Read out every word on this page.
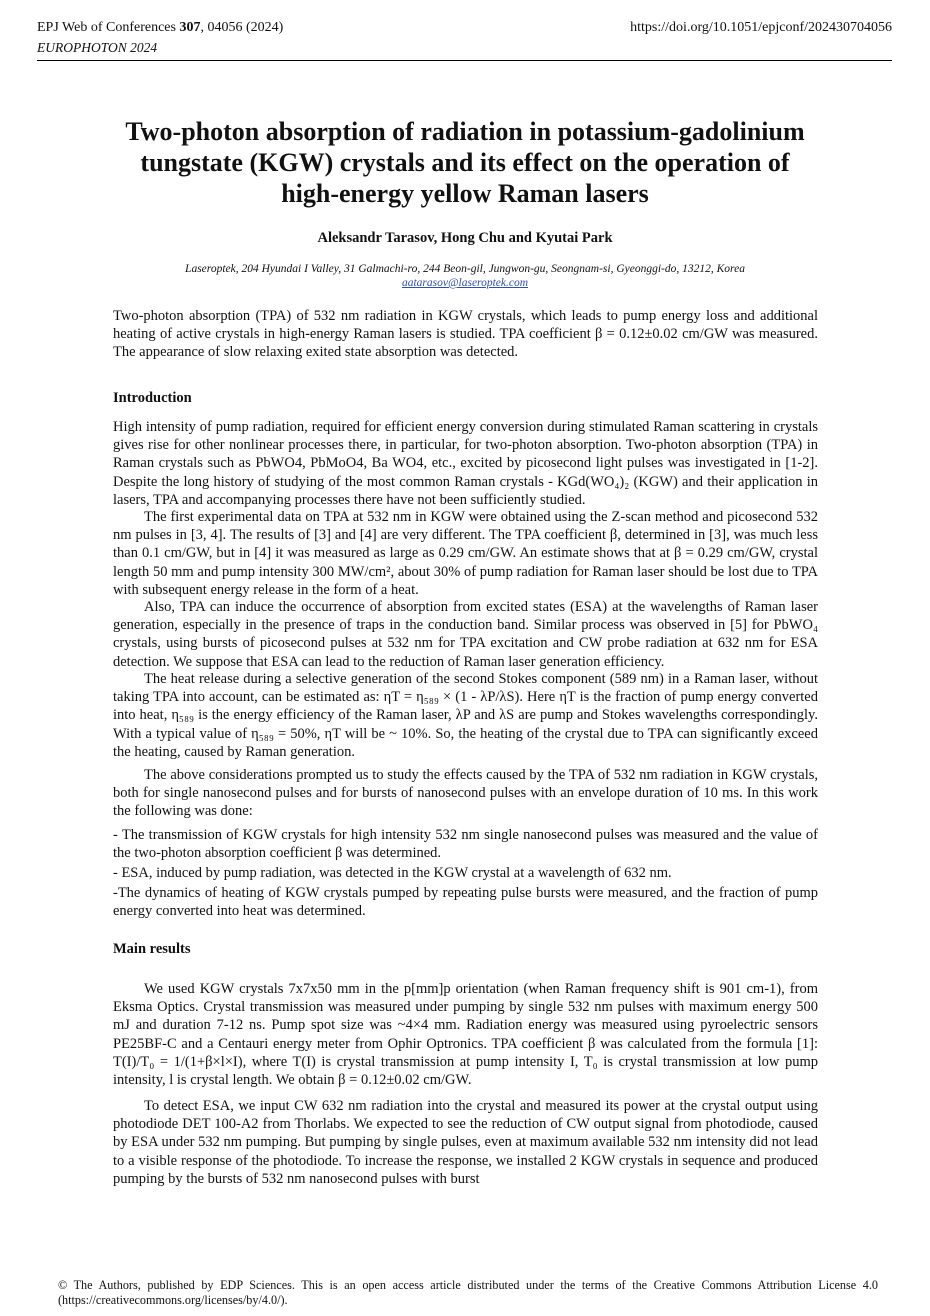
EPJ Web of Conferences 307, 04056 (2024)
EUROPHOTON 2024
https://doi.org/10.1051/epjconf/202430704056
Two-photon absorption of radiation in potassium-gadolinium tungstate (KGW) crystals and its effect on the operation of high-energy yellow Raman lasers
Aleksandr Tarasov, Hong Chu and Kyutai Park
Laseroptek, 204 Hyundai I Valley, 31 Galmachi-ro, 244 Beon-gil, Jungwon-gu, Seongnam-si, Gyeonggi-do, 13212, Korea
aatarasov@laseroptek.com

Two-photon absorption (TPA) of 532 nm radiation in KGW crystals, which leads to pump energy loss and additional heating of active crystals in high-energy Raman lasers is studied. TPA coefficient β = 0.12±0.02 cm/GW was measured. The appearance of slow relaxing exited state absorption was detected.

Introduction

High intensity of pump radiation, required for efficient energy conversion during stimulated Raman scattering in crystals gives rise for other nonlinear processes there, in particular, for two-photon absorption. Two-photon absorption (TPA) in Raman crystals such as PbWO4, PbMoO4, Ba WO4, etc., excited by picosecond light pulses was investigated in [1-2]. Despite the long history of studying of the most common Raman crystals - KGd(WO₄)₂ (KGW) and their application in lasers, TPA and accompanying processes there have not been sufficiently studied.

The first experimental data on TPA at 532 nm in KGW were obtained using the Z-scan method and picosecond 532 nm pulses in [3, 4]. The results of [3] and [4] are very different. The TPA coefficient β, determined in [3], was much less than 0.1 cm/GW, but in [4] it was measured as large as 0.29 cm/GW. An estimate shows that at β = 0.29 cm/GW, crystal length 50 mm and pump intensity 300 MW/cm², about 30% of pump radiation for Raman laser should be lost due to TPA with subsequent energy release in the form of a heat.

Also, TPA can induce the occurrence of absorption from excited states (ESA) at the wavelengths of Raman laser generation, especially in the presence of traps in the conduction band. Similar process was observed in [5] for PbWO₄ crystals, using bursts of picosecond pulses at 532 nm for TPA excitation and CW probe radiation at 632 nm for ESA detection. We suppose that ESA can lead to the reduction of Raman laser generation efficiency.

The heat release during a selective generation of the second Stokes component (589 nm) in a Raman laser, without taking TPA into account, can be estimated as: ηT = η₅₈₉ × (1 - λP/λS). Here ηT is the fraction of pump energy converted into heat, η₅₈₉ is the energy efficiency of the Raman laser, λP and λS are pump and Stokes wavelengths correspondingly. With a typical value of η₅₈₉ = 50%, ηT will be ~ 10%. So, the heating of the crystal due to TPA can significantly exceed the heating, caused by Raman generation.

The above considerations prompted us to study the effects caused by the TPA of 532 nm radiation in KGW crystals, both for single nanosecond pulses and for bursts of nanosecond pulses with an envelope duration of 10 ms. In this work the following was done:

- The transmission of KGW crystals for high intensity 532 nm single nanosecond pulses was measured and the value of the two-photon absorption coefficient β was determined.

- ESA, induced by pump radiation, was detected in the KGW crystal at a wavelength of 632 nm.

-The dynamics of heating of KGW crystals pumped by repeating pulse bursts were measured, and the fraction of pump energy converted into heat was determined.

Main results

We used KGW crystals 7x7x50 mm in the p[mm]p orientation (when Raman frequency shift is 901 cm-1), from Eksma Optics. Crystal transmission was measured under pumping by single 532 nm pulses with maximum energy 500 mJ and duration 7-12 ns. Pump spot size was ~4×4 mm. Radiation energy was measured using pyroelectric sensors PE25BF-C and a Centauri energy meter from Ophir Optronics. TPA coefficient β was calculated from the formula [1]: T(I)/T₀ = 1/(1+β×l×I), where T(I) is crystal transmission at pump intensity I, T₀ is crystal transmission at low pump intensity, l is crystal length. We obtain β = 0.12±0.02 cm/GW.

To detect ESA, we input CW 632 nm radiation into the crystal and measured its power at the crystal output using photodiode DET 100-A2 from Thorlabs. We expected to see the reduction of CW output signal from photodiode, caused by ESA under 532 nm pumping. But pumping by single pulses, even at maximum available 532 nm intensity did not lead to a visible response of the photodiode. To increase the response, we installed 2 KGW crystals in sequence and produced pumping by the bursts of 532 nm nanosecond pulses with burst

© The Authors, published by EDP Sciences. This is an open access article distributed under the terms of the Creative Commons Attribution License 4.0 (https://creativecommons.org/licenses/by/4.0/).
